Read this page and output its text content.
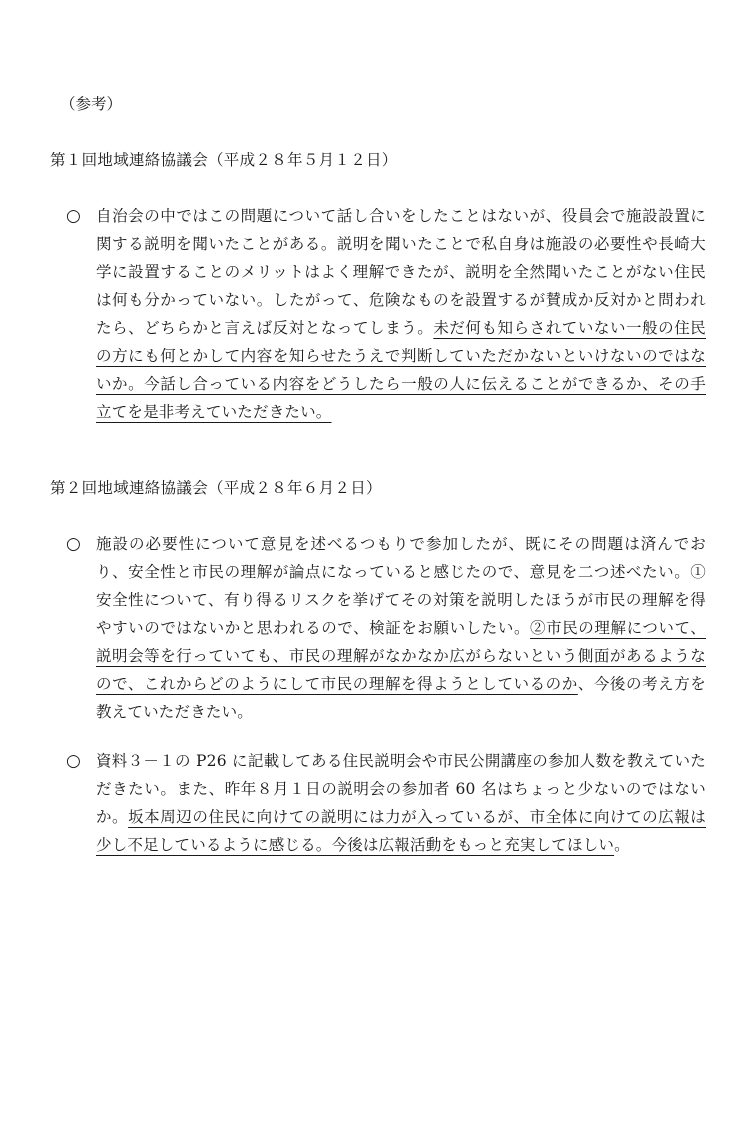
（参考）
第１回地域連絡協議会（平成２８年５月１２日）
○ 自治会の中ではこの問題について話し合いをしたことはないが、役員会で施設設置に関する説明を聞いたことがある。説明を聞いたことで私自身は施設の必要性や長崎大学に設置することのメリットはよく理解できたが、説明を全然聞いたことがない住民は何も分かっていない。したがって、危険なものを設置するが賛成か反対かと問われたら、どちらかと言えば反対となってしまう。未だ何も知らされていない一般の住民の方にも何とかして内容を知らせたうえで判断していただかないといけないのではないか。今話し合っている内容をどうしたら一般の人に伝えることができるか、その手立てを是非考えていただきたい。
第２回地域連絡協議会（平成２８年６月２日）
○ 施設の必要性について意見を述べるつもりで参加したが、既にその問題は済んでおり、安全性と市民の理解が論点になっていると感じたので、意見を二つ述べたい。①安全性について、有り得るリスクを挙げてその対策を説明したほうが市民の理解を得やすいのではないかと思われるので、検証をお願いしたい。②市民の理解について、説明会等を行っていても、市民の理解がなかなか広がらないという側面があるようなので、これからどのようにして市民の理解を得ようとしているのか、今後の考え方を教えていただきたい。
○ 資料３－１の P26 に記載してある住民説明会や市民公開講座の参加人数を教えていただきたい。また、昨年８月１日の説明会の参加者 60 名はちょっと少ないのではないか。坂本周辺の住民に向けての説明には力が入っているが、市全体に向けての広報は少し不足しているように感じる。今後は広報活動をもっと充実してほしい。
